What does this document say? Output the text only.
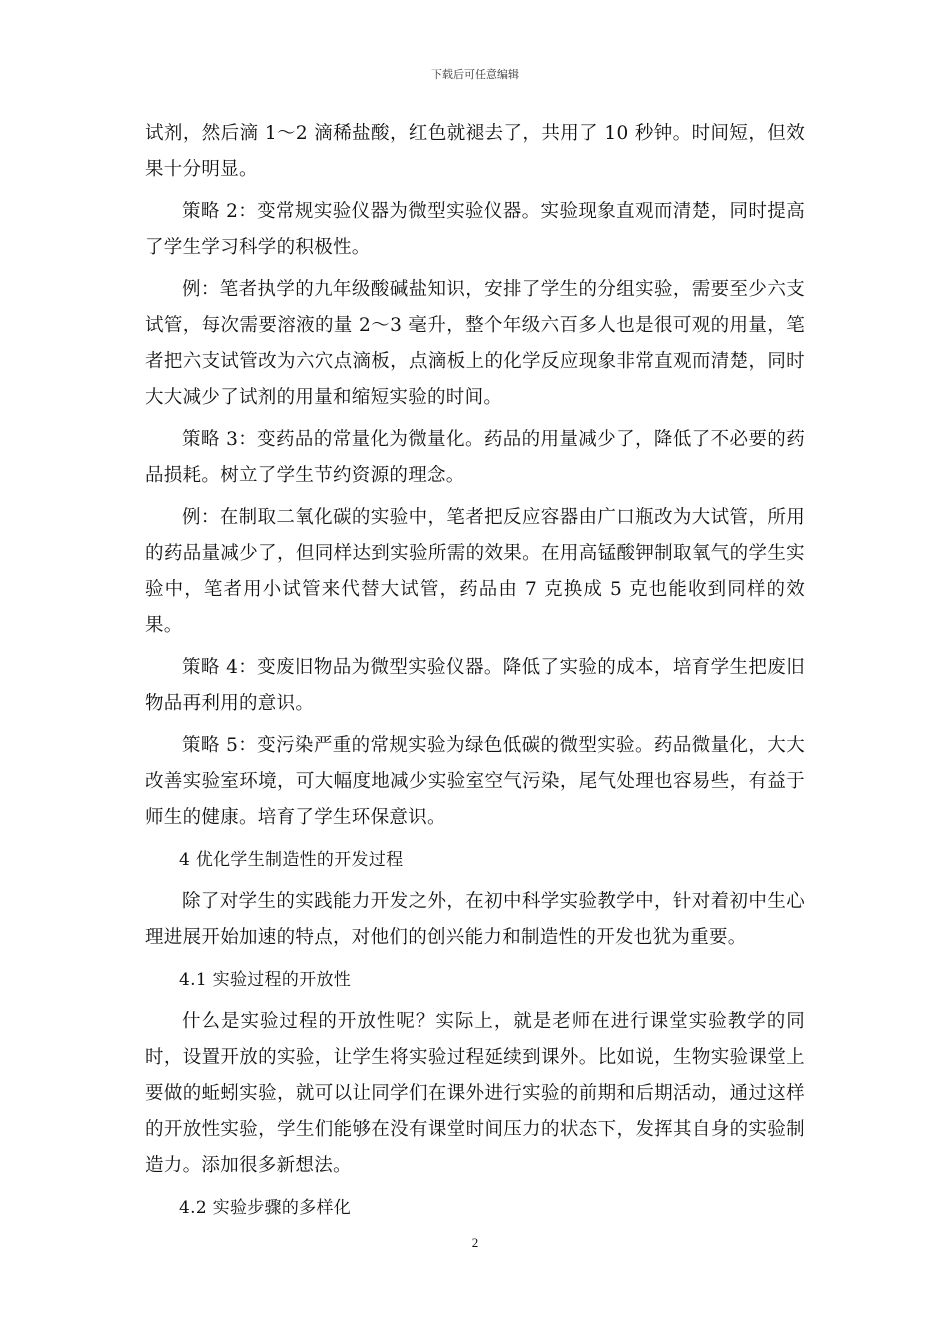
下载后可任意编辑

试剂，然后滴 1～2 滴稀盐酸，红色就褪去了，共用了 10 秒钟。时间短，但效果十分明显。

策略 2：变常规实验仪器为微型实验仪器。实验现象直观而清楚，同时提高了学生学习科学的积极性。

例：笔者执学的九年级酸碱盐知识，安排了学生的分组实验，需要至少六支试管，每次需要溶液的量 2～3 毫升，整个年级六百多人也是很可观的用量，笔者把六支试管改为六穴点滴板，点滴板上的化学反应现象非常直观而清楚，同时大大减少了试剂的用量和缩短实验的时间。

策略 3：变药品的常量化为微量化。药品的用量减少了，降低了不必要的药品损耗。树立了学生节约资源的理念。

例：在制取二氧化碳的实验中，笔者把反应容器由广口瓶改为大试管，所用的药品量减少了，但同样达到实验所需的效果。在用高锰酸钾制取氧气的学生实验中，笔者用小试管来代替大试管，药品由 7 克换成 5 克也能收到同样的效果。

策略 4：变废旧物品为微型实验仪器。降低了实验的成本，培育学生把废旧物品再利用的意识。

策略 5：变污染严重的常规实验为绿色低碳的微型实验。药品微量化，大大改善实验室环境，可大幅度地减少实验室空气污染，尾气处理也容易些，有益于师生的健康。培育了学生环保意识。

4 优化学生制造性的开发过程

除了对学生的实践能力开发之外，在初中科学实验教学中，针对着初中生心理进展开始加速的特点，对他们的创兴能力和制造性的开发也犹为重要。

4.1 实验过程的开放性

什么是实验过程的开放性呢？实际上，就是老师在进行课堂实验教学的同时，设置开放的实验，让学生将实验过程延续到课外。比如说，生物实验课堂上要做的蚯蚓实验，就可以让同学们在课外进行实验的前期和后期活动，通过这样的开放性实验，学生们能够在没有课堂时间压力的状态下，发挥其自身的实验制造力。添加很多新想法。

4.2 实验步骤的多样化

2
